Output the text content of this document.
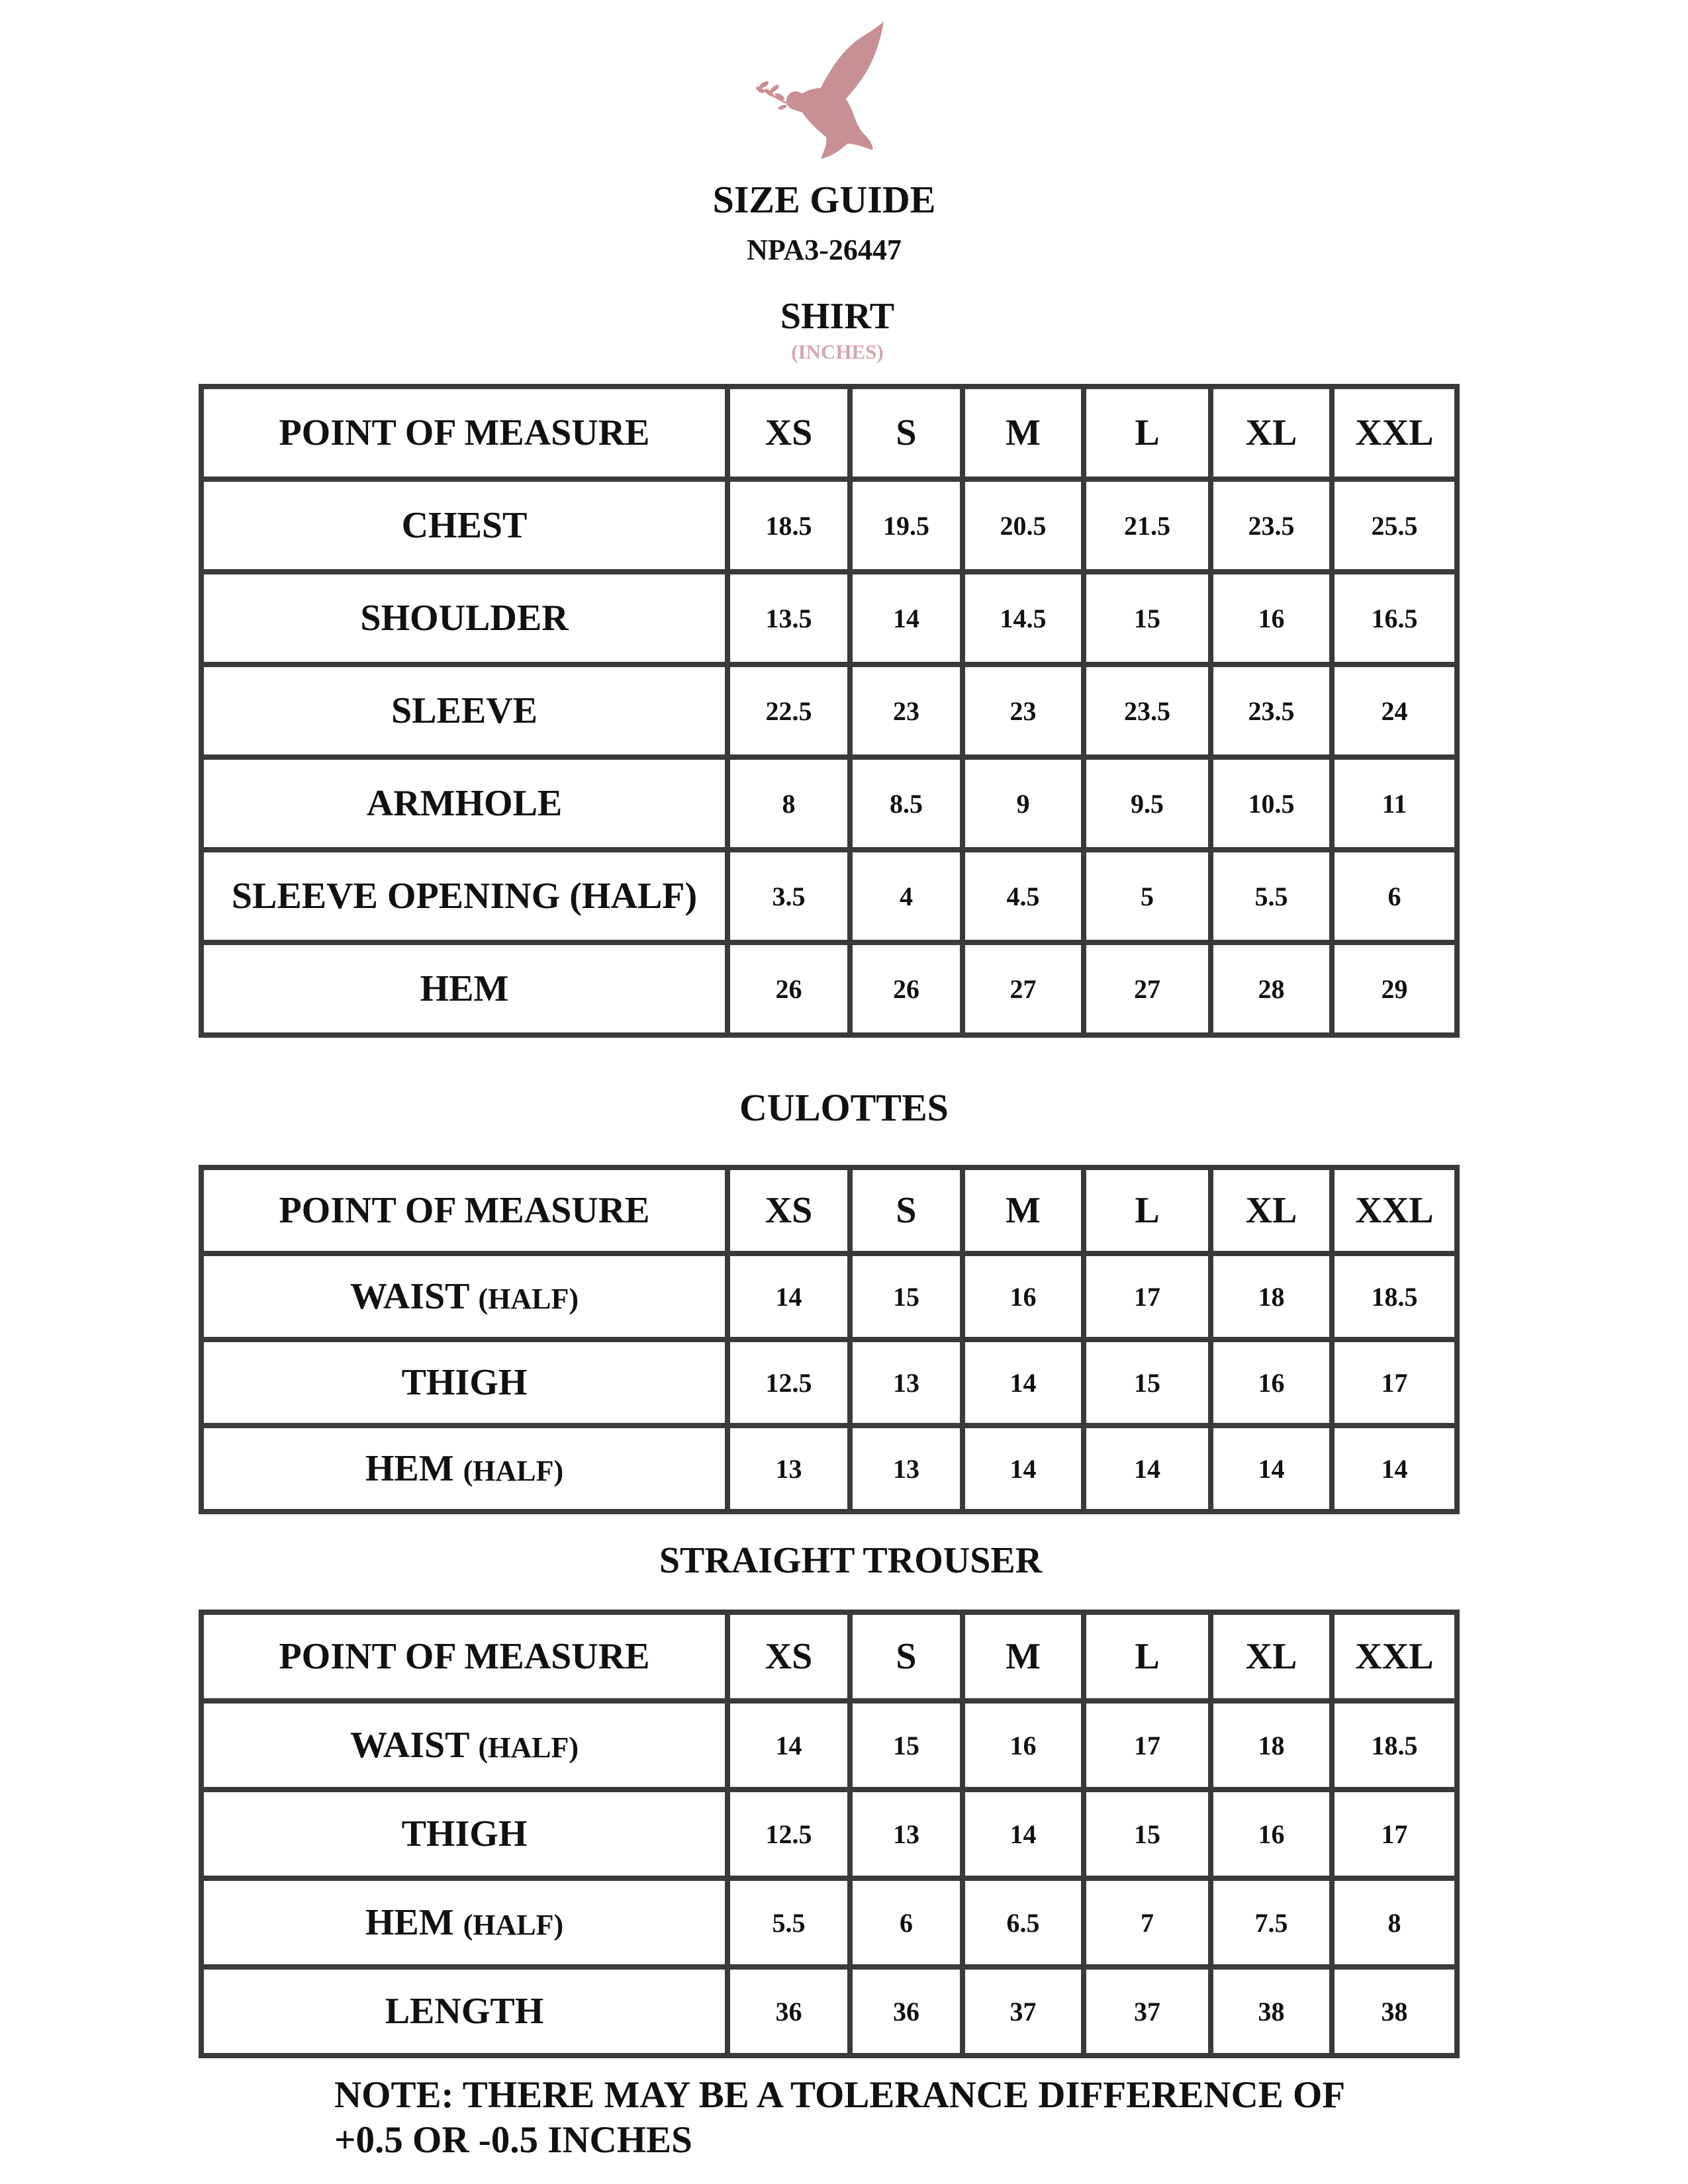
SIZE GUIDE
NPA3-26447
SHIRT
(INCHES)
POINT OF MEASURE	XS	S	M	L	XL	XXL
CHEST	18.5	19.5	20.5	21.5	23.5	25.5
SHOULDER	13.5	14	14.5	15	16	16.5
SLEEVE	22.5	23	23	23.5	23.5	24
ARMHOLE	8	8.5	9	9.5	10.5	11
SLEEVE OPENING (HALF)	3.5	4	4.5	5	5.5	6
HEM	26	26	27	27	28	29
CULOTTES
POINT OF MEASURE	XS	S	M	L	XL	XXL
WAIST (HALF)	14	15	16	17	18	18.5
THIGH	12.5	13	14	15	16	17
HEM (HALF)	13	13	14	14	14	14
STRAIGHT TROUSER
POINT OF MEASURE	XS	S	M	L	XL	XXL
WAIST (HALF)	14	15	16	17	18	18.5
THIGH	12.5	13	14	15	16	17
HEM (HALF)	5.5	6	6.5	7	7.5	8
LENGTH	36	36	37	37	38	38
NOTE: THERE MAY BE A TOLERANCE DIFFERENCE OF
+0.5 OR -0.5 INCHES
